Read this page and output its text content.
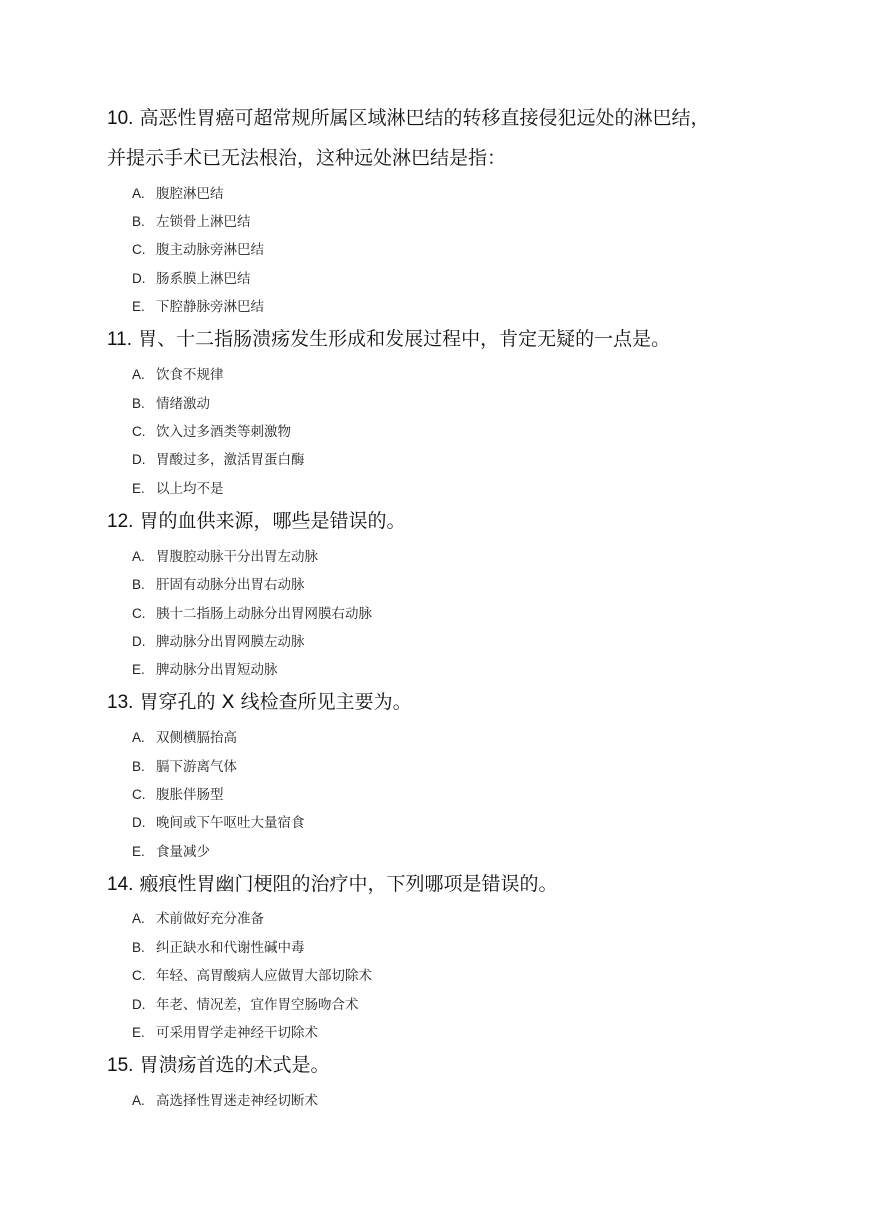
10. 高恶性胃癌可超常规所属区域淋巴结的转移直接侵犯远处的淋巴结，
并提示手术已无法根治，这种远处淋巴结是指：
A. 腹腔淋巴结
B. 左锁骨上淋巴结
C. 腹主动脉旁淋巴结
D. 肠系膜上淋巴结
E. 下腔静脉旁淋巴结
11. 胃、十二指肠溃疡发生形成和发展过程中，肯定无疑的一点是。
A. 饮食不规律
B. 情绪激动
C. 饮入过多酒类等刺激物
D. 胃酸过多，激活胃蛋白酶
E. 以上均不是
12. 胃的血供来源，哪些是错误的。
A. 胃腹腔动脉干分出胃左动脉
B. 肝固有动脉分出胃右动脉
C. 胰十二指肠上动脉分出胃网膜右动脉
D. 脾动脉分出胃网膜左动脉
E. 脾动脉分出胃短动脉
13. 胃穿孔的 X 线检查所见主要为。
A. 双侧横膈抬高
B. 膈下游离气体
C. 腹胀伴肠型
D. 晚间或下午呕吐大量宿食
E. 食量减少
14. 瘢痕性胃幽门梗阻的治疗中，下列哪项是错误的。
A. 术前做好充分准备
B. 纠正缺水和代谢性碱中毒
C. 年轻、高胃酸病人应做胃大部切除术
D. 年老、情况差，宜作胃空肠吻合术
E. 可采用胃学走神经干切除术
15. 胃溃疡首选的术式是。
A. 高选择性胃迷走神经切断术
